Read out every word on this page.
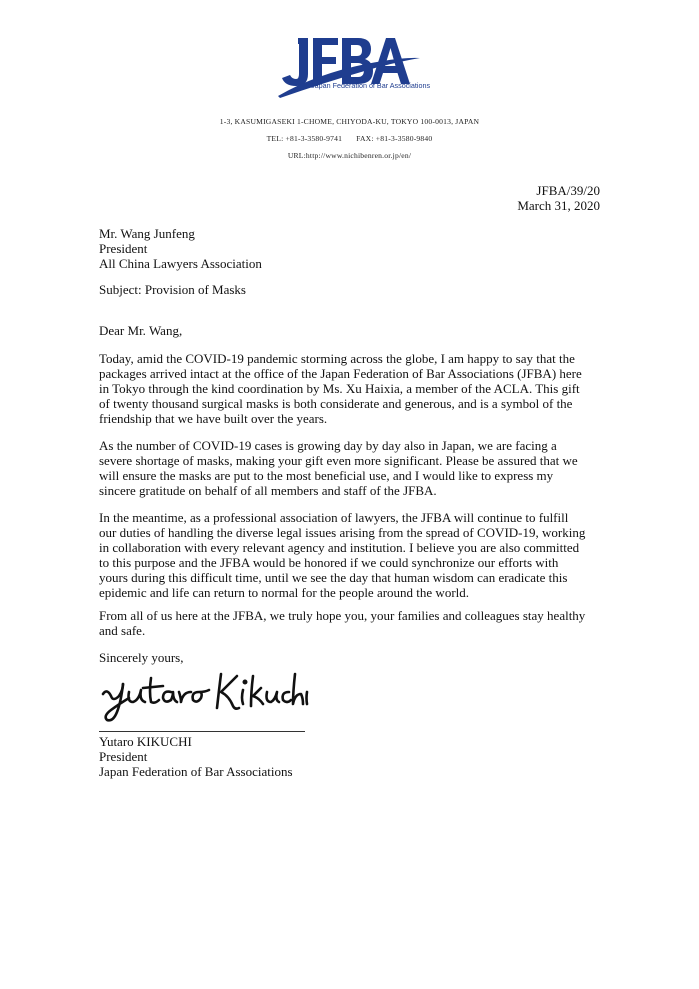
Japan Federation of Bar Associations
1-3, KASUMIGASEKI 1-CHOME, CHIYODA-KU, TOKYO 100-0013, JAPAN
TEL: +81-3-3580-9741 FAX: +81-3-3580-9840
URL:http://www.nichibenren.or.jp/en/
JFBA/39/20
March 31, 2020
Mr. Wang Junfeng
President
All China Lawyers Association
Subject: Provision of Masks
Dear Mr. Wang,
Today, amid the COVID-19 pandemic storming across the globe, I am happy to say that the
packages arrived intact at the office of the Japan Federation of Bar Associations (JFBA) here
in Tokyo through the kind coordination by Ms. Xu Haixia, a member of the ACLA. This gift
of twenty thousand surgical masks is both considerate and generous, and is a symbol of the
friendship that we have built over the years.
As the number of COVID-19 cases is growing day by day also in Japan, we are facing a
severe shortage of masks, making your gift even more significant. Please be assured that we
will ensure the masks are put to the most beneficial use, and I would like to express my
sincere gratitude on behalf of all members and staff of the JFBA.
In the meantime, as a professional association of lawyers, the JFBA will continue to fulfill
our duties of handling the diverse legal issues arising from the spread of COVID-19, working
in collaboration with every relevant agency and institution. I believe you are also committed
to this purpose and the JFBA would be honored if we could synchronize our efforts with
yours during this difficult time, until we see the day that human wisdom can eradicate this
epidemic and life can return to normal for the people around the world.
From all of us here at the JFBA, we truly hope you, your families and colleagues stay healthy
and safe.
Sincerely yours,
Yutaro KIKUCHI
President
Japan Federation of Bar Associations
